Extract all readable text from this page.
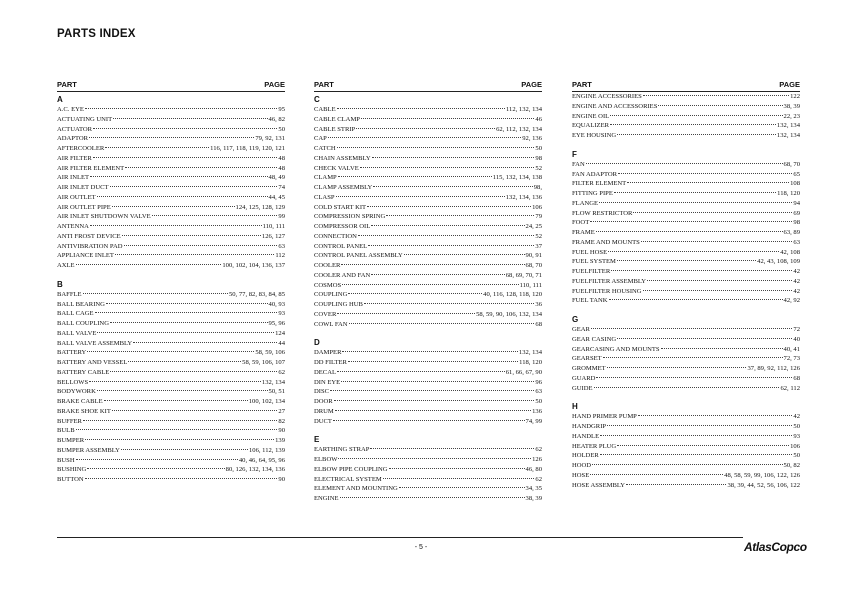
PARTS INDEX
PART	PAGE
A
A.C. EYE	95
ACTUATING UNIT	46, 82
ACTUATOR	50
ADAPTOR	79, 92, 131
AFTERCOOLER	116, 117, 118, 119, 120, 121
AIR FILTER	48
AIR FILTER ELEMENT	48
AIR INLET	48, 49
AIR INLET DUCT	74
AIR OUTLET	44, 45
AIR OUTLET PIPE	124, 125, 128, 129
AIR INLET SHUTDOWN VALVE	99
ANTENNA	110, 111
ANTI FROST DEVICE	126, 127
ANTIVIBRATION PAD	63
APPLIANCE INLET	112
AXLE	100, 102, 104, 136, 137
B
BAFFLE	50, 77, 82, 83, 84, 85
BALL BEARING	40, 93
BALL CAGE	93
BALL COUPLING	95, 96
BALL VALVE	124
BALL VALVE ASSEMBLY	44
BATTERY	58, 59, 106
BATTERY AND VESSEL	58, 59, 106, 107
BATTERY CABLE	62
BELLOWS	132, 134
BODYWORK	50, 51
BRAKE CABLE	100, 102, 134
BRAKE SHOE KIT	27
BUFFER	82
BULB	90
BUMPER	139
BUMPER ASSEMBLY	106, 112, 139
BUSH	40, 46, 64, 95, 96
BUSHING	80, 126, 132, 134, 136
BUTTON	90
PART	PAGE
C
CABLE	112, 132, 134
CABLE CLAMP	46
CABLE STRIP	62, 112, 132, 134
CAP	92, 136
CATCH	50
CHAIN ASSEMBLY	98
CHECK VALVE	52
CLAMP	115, 132, 134, 138
CLAMP ASSEMBLY	98,
CLASP	132, 134, 136
COLD START KIT	106
COMPRESSION SPRING	79
COMPRESSOR OIL	24, 25
CONNECTION	52
CONTROL PANEL	37
CONTROL PANEL ASSEMBLY	90, 91
COOLER	68, 70
COOLER AND FAN	68, 69, 70, 71
COSMOS	110, 111
COUPLING	40, 116, 128, 118, 120
COUPLING HUB	36
COVER	58, 59, 90, 106, 132, 134
COWL FAN	68
D
DAMPER	132, 134
DD FILTER	118, 120
DECAL	61, 66, 67, 90
DIN EYE	96
DISC	63
DOOR	50
DRUM	136
DUCT	74, 99
E
EARTHING STRAP	62
ELBOW	126
ELBOW PIPE COUPLING	46, 80
ELECTRICAL SYSTEM	62
ELEMENT AND MOUNTING	34, 35
ENGINE	38, 39
PART	PAGE
ENGINE ACCESSORIES	122
ENGINE AND ACCESSORIES	38, 39
ENGINE OIL	22, 23
EQUALIZER	132, 134
EYE HOUSING	132, 134
F
FAN	68, 70
FAN ADAPTOR	65
FILTER ELEMENT	108
FITTING PIPE	118, 120
FLANGE	94
FLOW RESTRICTOR	69
FOOT	98
FRAME	63, 89
FRAME AND MOUNTS	63
FUEL HOSE	42, 108
FUEL SYSTEM	42, 43, 108, 109
FUELFILTER	42
FUELFILTER ASSEMBLY	42
FUELFILTER HOUSING	42
FUEL TANK	42, 92
G
GEAR	72
GEAR CASING	40
GEARCASING AND MOUNTS	40, 41
GEARSET	72, 73
GROMMET	37, 89, 92, 112, 126
GUARD	68
GUIDE	62, 112
H
HAND PRIMER PUMP	42
HANDGRIP	50
HANDLE	93
HEATER PLUG	106
HOLDER	50
HOOD	50, 82
HOSE	48, 58, 59, 99, 106, 122, 126
HOSE ASSEMBLY	38, 39, 44, 52, 56, 106, 122
- 5 -	AtlasCopco
